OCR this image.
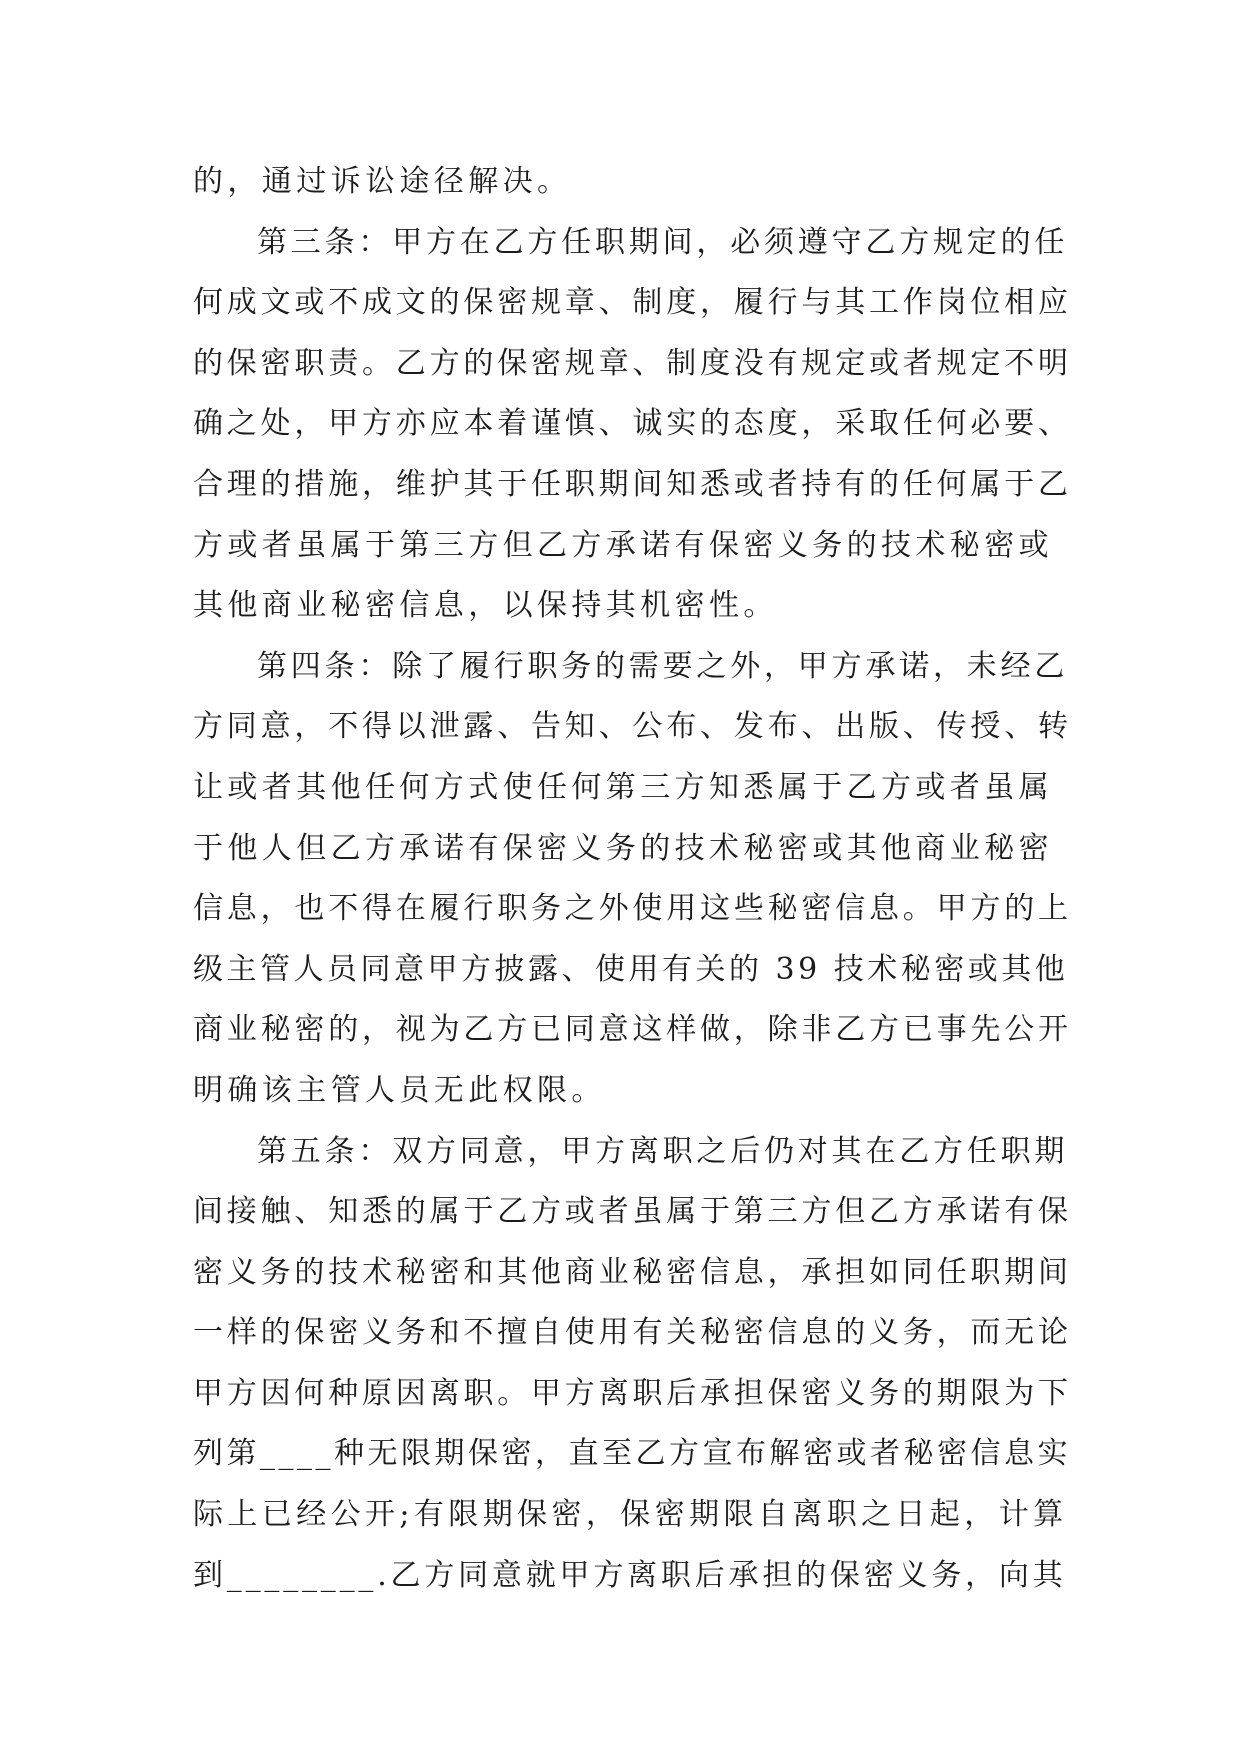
的，通过诉讼途径解决。
第三条：甲方在乙方任职期间，必须遵守乙方规定的任
何成文或不成文的保密规章、制度，履行与其工作岗位相应
的保密职责。乙方的保密规章、制度没有规定或者规定不明
确之处，甲方亦应本着谨慎、诚实的态度，采取任何必要、
合理的措施，维护其于任职期间知悉或者持有的任何属于乙
方或者虽属于第三方但乙方承诺有保密义务的技术秘密或
其他商业秘密信息，以保持其机密性。
第四条：除了履行职务的需要之外，甲方承诺，未经乙
方同意，不得以泄露、告知、公布、发布、出版、传授、转
让或者其他任何方式使任何第三方知悉属于乙方或者虽属
于他人但乙方承诺有保密义务的技术秘密或其他商业秘密
信息，也不得在履行职务之外使用这些秘密信息。甲方的上
级主管人员同意甲方披露、使用有关的 39 技术秘密或其他
商业秘密的，视为乙方已同意这样做，除非乙方已事先公开
明确该主管人员无此权限。
第五条：双方同意，甲方离职之后仍对其在乙方任职期
间接触、知悉的属于乙方或者虽属于第三方但乙方承诺有保
密义务的技术秘密和其他商业秘密信息，承担如同任职期间
一样的保密义务和不擅自使用有关秘密信息的义务，而无论
甲方因何种原因离职。甲方离职后承担保密义务的期限为下
列第____种无限期保密，直至乙方宣布解密或者秘密信息实
际上已经公开;有限期保密，保密期限自离职之日起，计算
到________.乙方同意就甲方离职后承担的保密义务，向其
